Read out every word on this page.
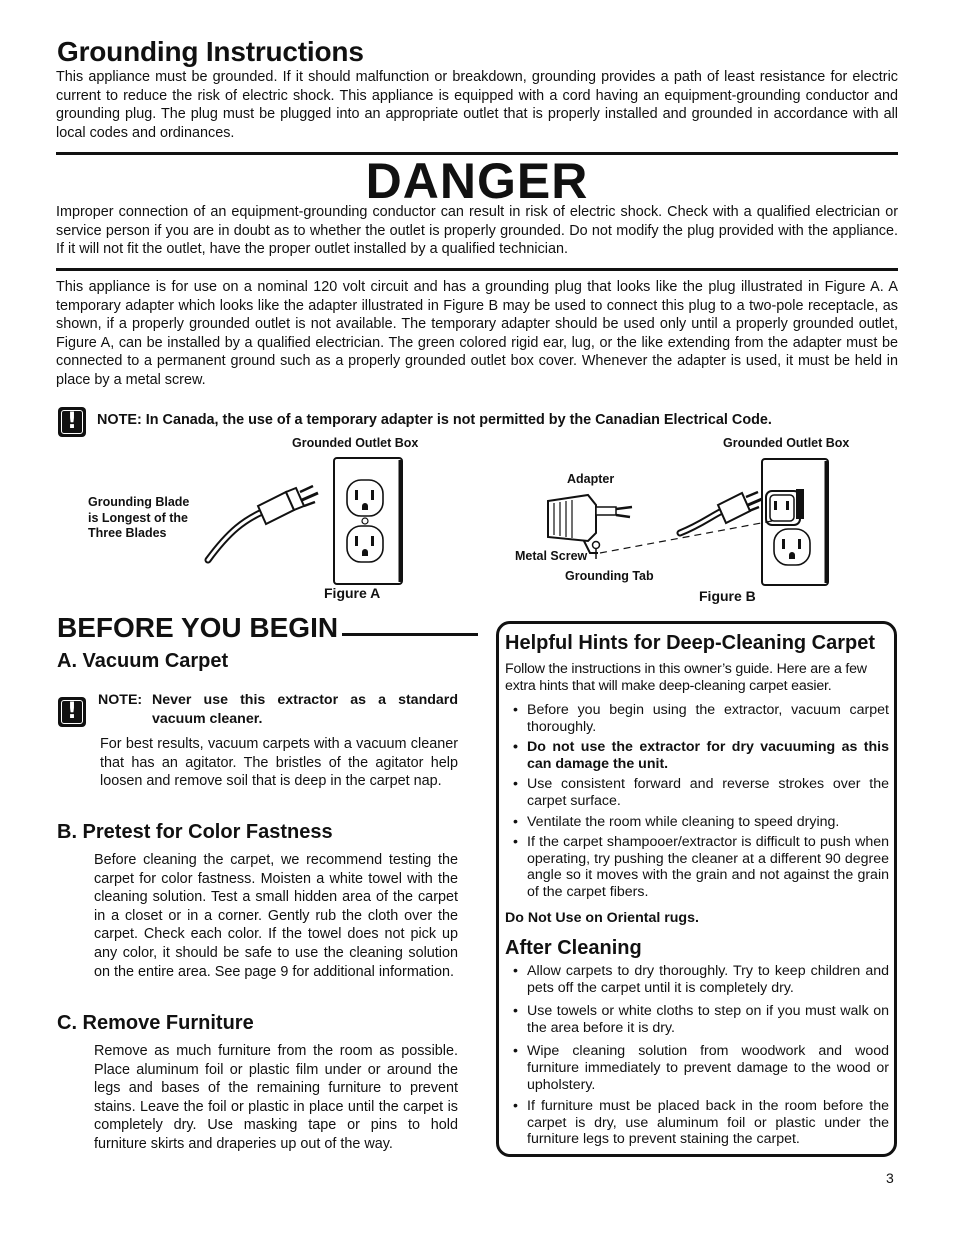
Grounding Instructions

This appliance must be grounded. If it should malfunction or breakdown, grounding provides a path of least resistance for electric current to reduce the risk of electric shock. This appliance is equipped with a cord having an equipment-grounding conductor and grounding plug. The plug must be plugged into an appropriate outlet that is properly installed and grounded in accordance with all local codes and ordinances.

DANGER

Improper connection of an equipment-grounding conductor can result in risk of electric shock. Check with a qualified electrician or service person if you are in doubt as to whether the outlet is properly grounded. Do not modify the plug provided with the appliance. If it will not fit the outlet, have the proper outlet installed by a qualified technician.

This appliance is for use on a nominal 120 volt circuit and has a grounding plug that looks like the plug illustrated in Figure A. A temporary adapter which looks like the adapter illustrated in Figure B may be used to connect this plug to a two-pole receptacle, as shown, if a properly grounded outlet is not available. The temporary adapter should be used only until a properly grounded outlet, Figure A, can be installed by a qualified electrician. The green colored rigid ear, lug, or the like extending from the adapter must be connected to a permanent ground such as a properly grounded outlet box cover. Whenever the adapter is used, it must be held in place by a metal screw.

!	NOTE: In Canada, the use of a temporary adapter is not permitted by the Canadian Electrical Code.
Grounded Outlet Box
Grounding Blade
is Longest of the
Three Blades
Figure A
Grounded Outlet Box
Adapter
Metal Screw
Grounding Tab
Figure B
BEFORE YOU BEGIN
A. Vacuum Carpet
!	NOTE: Never use this extractor as a standard
vacuum cleaner.

For best results, vacuum carpets with a vacuum cleaner that has an agitator. The bristles of the agitator help loosen and remove soil that is deep in the carpet nap.

B. Pretest for Color Fastness

Before cleaning the carpet, we recommend testing the carpet for color fastness. Moisten a white towel with the cleaning solution. Test a small hidden area of the carpet in a closet or in a corner. Gently rub the cloth over the carpet. Check each color. If the towel does not pick up any color, it should be safe to use the cleaning solution on the entire area. See page 9 for additional information.

C. Remove Furniture

Remove as much furniture from the room as possible. Place aluminum foil or plastic film under or around the legs and bases of the remaining furniture to prevent stains. Leave the foil or plastic in place until the carpet is completely dry. Use masking tape or pins to hold furniture skirts and draperies up out of the way.

Helpful Hints for Deep-Cleaning Carpet

Follow the instructions in this owner’s guide. Here are a few extra hints that will make deep-cleaning carpet easier.

• Before you begin using the extractor, vacuum carpet thoroughly.
• Do not use the extractor for dry vacuuming as this can damage the unit.
• Use consistent forward and reverse strokes over the carpet surface.
• Ventilate the room while cleaning to speed drying.
• If the carpet shampooer/extractor is difficult to push when operating, try pushing the cleaner at a different 90 degree angle so it moves with the grain and not against the grain of the carpet fibers.
Do Not Use on Oriental rugs.
After Cleaning
• Allow carpets to dry thoroughly. Try to keep children and pets off the carpet until it is completely dry.
• Use towels or white cloths to step on if you must walk on the area before it is dry.
• Wipe cleaning solution from woodwork and wood furniture immediately to prevent damage to the wood or upholstery.
• If furniture must be placed back in the room before the carpet is dry, use aluminum foil or plastic under the furniture legs to prevent staining the carpet.
3
